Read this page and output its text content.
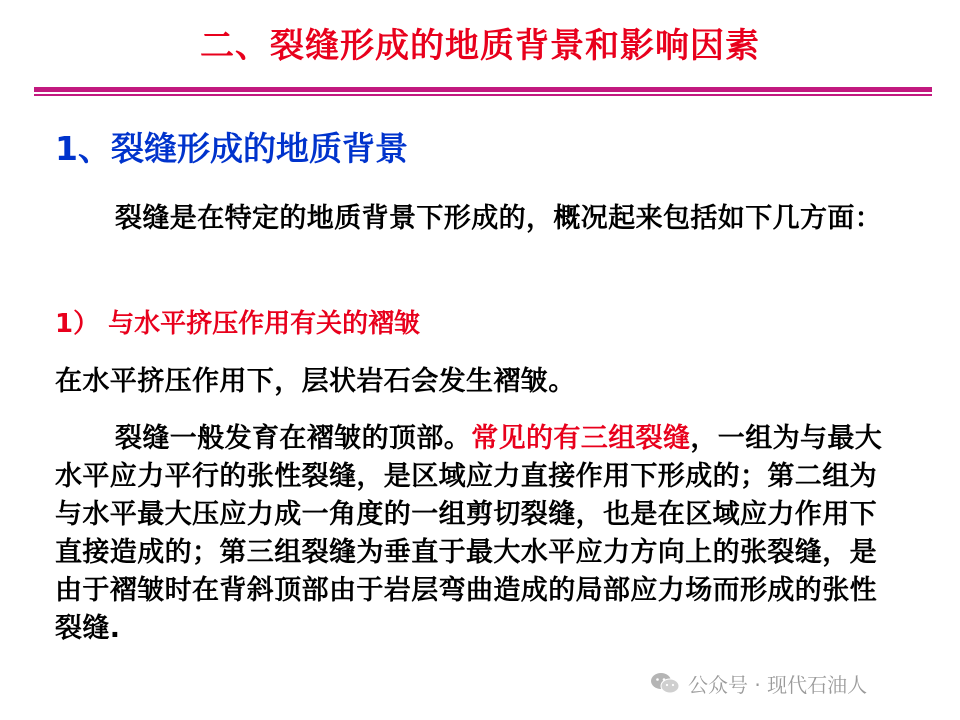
二、裂缝形成的地质背景和影响因素
1、裂缝形成的地质背景
裂缝是在特定的地质背景下形成的，概况起来包括如下几方面：
1） 与水平挤压作用有关的褶皱
在水平挤压作用下，层状岩石会发生褶皱。
裂缝一般发育在褶皱的顶部。常见的有三组裂缝，一组为与最大水平应力平行的张性裂缝，是区域应力直接作用下形成的；第二组为与水平最大压应力成一角度的一组剪切裂缝，也是在区域应力作用下直接造成的；第三组裂缝为垂直于最大水平应力方向上的张裂缝，是由于褶皱时在背斜顶部由于岩层弯曲造成的局部应力场而形成的张性裂缝.
公众号 · 现代石油人
